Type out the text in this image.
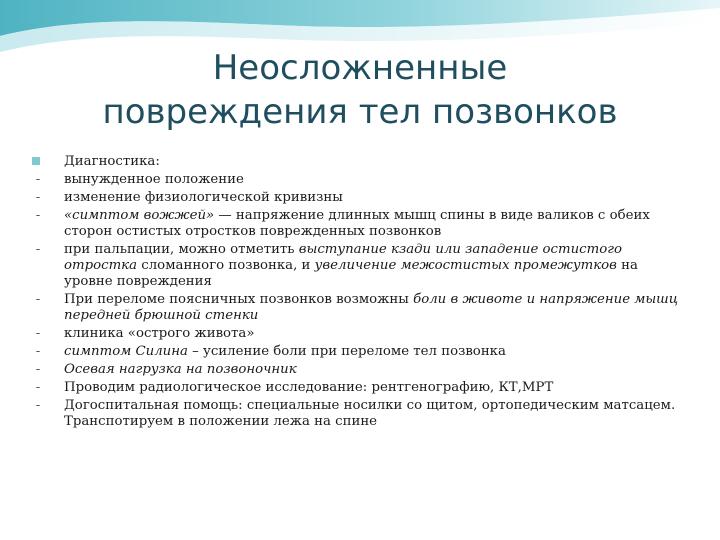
Неосложненные
повреждения тел позвонков
Диагностика:
- вынужденное положение
- изменение физиологической кривизны
- «симптом вожжей» — напряжение длинных мышц спины в виде валиков с обеих сторон остистых отростков поврежденных позвонков
- при пальпации, можно отметить выступание кзади или западение остистого отростка сломанного позвонка, и увеличение межостистых промежутков на уровне повреждения
- При переломе поясничных позвонков возможны боли в животе и напряжение мышц передней брюшной стенки
- клиника «острого живота»
- симптом Силина – усиление боли при переломе тел позвонка
- Осевая нагрузка на позвоночник
- Проводим радиологическое исследование: рентгенографию, КТ,МРТ
- Догоспитальная помощь: специальные носилки со щитом, ортопедическим матсацем. Транспотируем в положении лежа на спине
